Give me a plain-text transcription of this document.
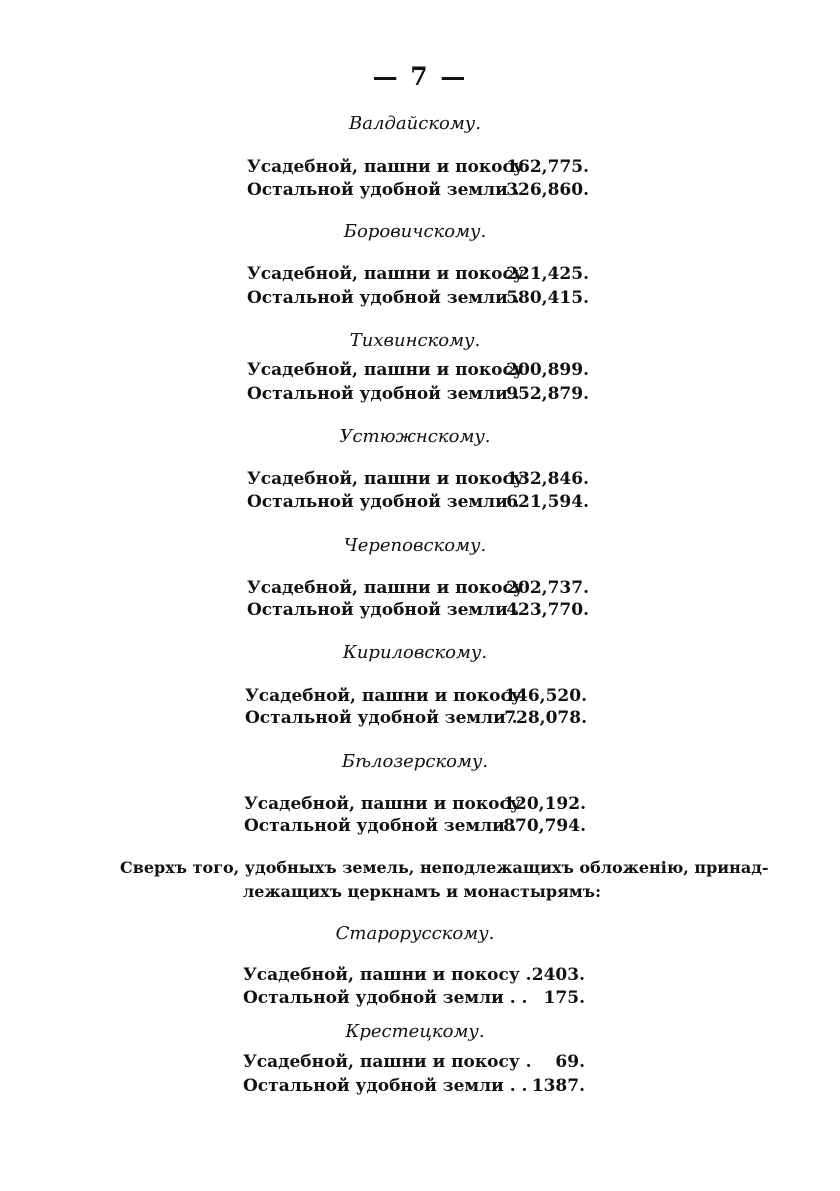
— 7 —
Валдайскому.
Усадебной, пашни и покосу
162,775.
Остальной удобной земли .
326,860.
Боровичскому.
Усадебной, пашни и покосу
221,425.
Остальной удобной земли .
580,415.
Тихвинскому.
Усадебной, пашни и покосу
200,899.
Остальной удобной земли .
952,879.
Устюжнскому.
Усадебной, пашни и покосу
132,846.
Остальной удобной земли .
621,594.
Череповскому.
Усадебной, пашни и покосу
202,737.
Остальной удобной земли .
423,770.
Кириловскому.
Усадебной, пашни и покосу
146,520.
Остальной удобной земли .
728,078.
Бѣлозерскому.
Усадебной, пашни и покосу
120,192.
Остальной удобной земли .
870,794.
Сверхъ того, удобныхъ земель, неподлежащихъ обложенію, принад-
лежащихъ церкнамъ и монастырямъ:
Старорусскому.
Усадебной, пашни и покосу . 2403.
Остальной удобной земли . . 175.
Крестецкому.
Усадебной, пашни и покосу . 69.
Остальной удобной земли . . 1387.
